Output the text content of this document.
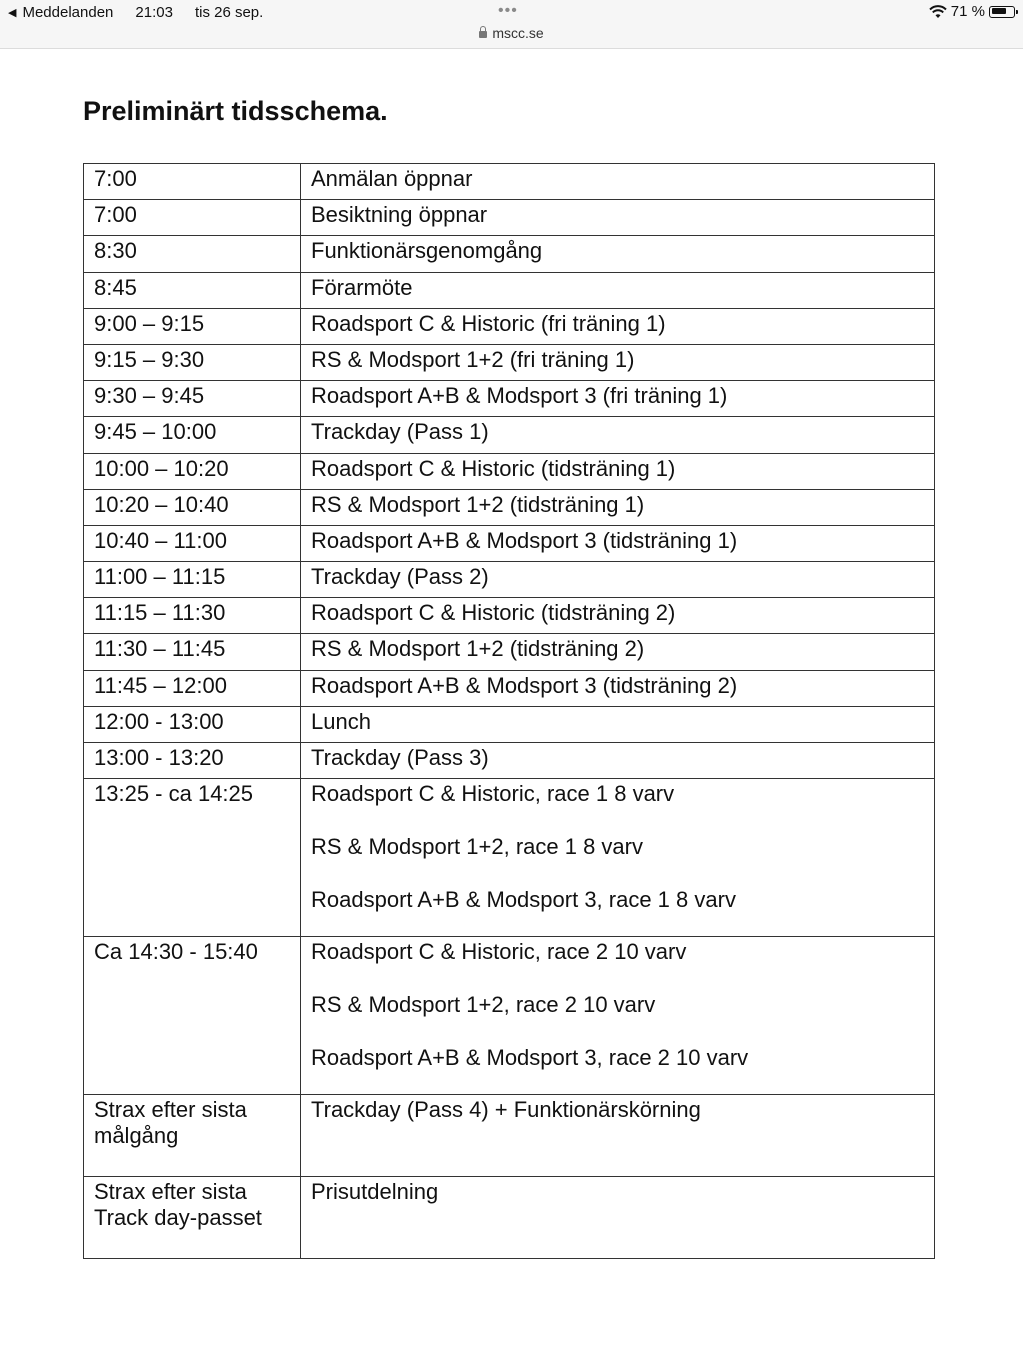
◀ Meddelanden 21:03 tis 26 sep.	•••
mscc.se
71 %
Preliminärt tidsschema.
7:00	Anmälan öppnar
7:00	Besiktning öppnar
8:30	Funktionärsgenomgång
8:45	Förarmöte
9:00 – 9:15	Roadsport C & Historic (fri träning 1)
9:15 – 9:30	RS & Modsport 1+2 (fri träning 1)
9:30 – 9:45	Roadsport A+B & Modsport 3 (fri träning 1)
9:45 – 10:00	Trackday (Pass 1)
10:00 – 10:20	Roadsport C & Historic (tidsträning 1)
10:20 – 10:40	RS & Modsport 1+2 (tidsträning 1)
10:40 – 11:00	Roadsport A+B & Modsport 3 (tidsträning 1)
11:00 – 11:15	Trackday (Pass 2)
11:15 – 11:30	Roadsport C & Historic (tidsträning 2)
11:30 – 11:45	RS & Modsport 1+2 (tidsträning 2)
11:45 – 12:00	Roadsport A+B & Modsport 3 (tidsträning 2)
12:00 - 13:00	Lunch
13:00 - 13:20	Trackday (Pass 3)
13:25 - ca 14:25	Roadsport C & Historic, race 1 8 varv
RS & Modsport 1+2, race 1 8 varv
Roadsport A+B & Modsport 3, race 1 8 varv

Ca 14:30 - 15:40	Roadsport C & Historic, race 2 10 varv
RS & Modsport 1+2, race 2 10 varv
Roadsport A+B & Modsport 3, race 2 10 varv

Strax efter sista målgång	Trackday (Pass 4) + Funktionärskörning
Strax efter sista Track day-passet	Prisutdelning
